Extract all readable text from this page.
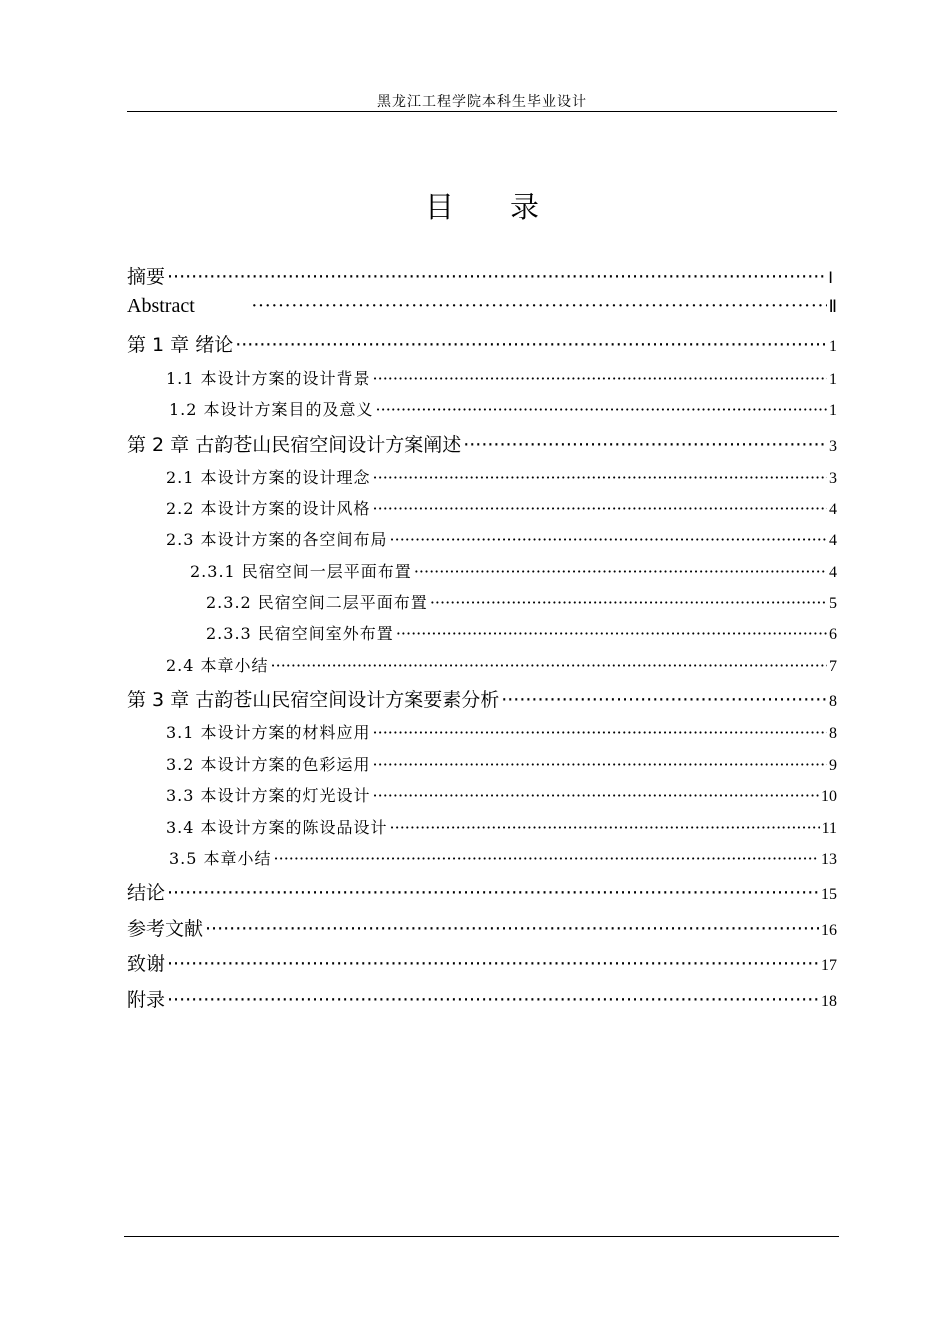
黑龙江工程学院本科生毕业设计
目录
摘要 ·····	Ⅰ
Abstract ·····	Ⅱ
第 1 章 绪论 ·····	1
1.1 本设计方案的设计背景 ·····	1
1.2 本设计方案目的及意义 ·····	1
第 2 章 古韵苍山民宿空间设计方案阐述 ·····	3
2.1 本设计方案的设计理念 ·····	3
2.2 本设计方案的设计风格 ·····	4
2.3 本设计方案的各空间布局 ·····	4
2.3.1 民宿空间一层平面布置 ·····	4
2.3.2 民宿空间二层平面布置 ·····	5
2.3.3 民宿空间室外布置 ·····	6
2.4 本章小结 ·····	7
第 3 章 古韵苍山民宿空间设计方案要素分析 ·····	8
3.1 本设计方案的材料应用 ·····	8
3.2 本设计方案的色彩运用 ·····	9
3.3 本设计方案的灯光设计 ·····	10
3.4 本设计方案的陈设品设计 ·····	11
3.5 本章小结 ·····	13
结论 ·····	15
参考文献 ·····	16
致谢 ·····	17
附录 ·····	18
